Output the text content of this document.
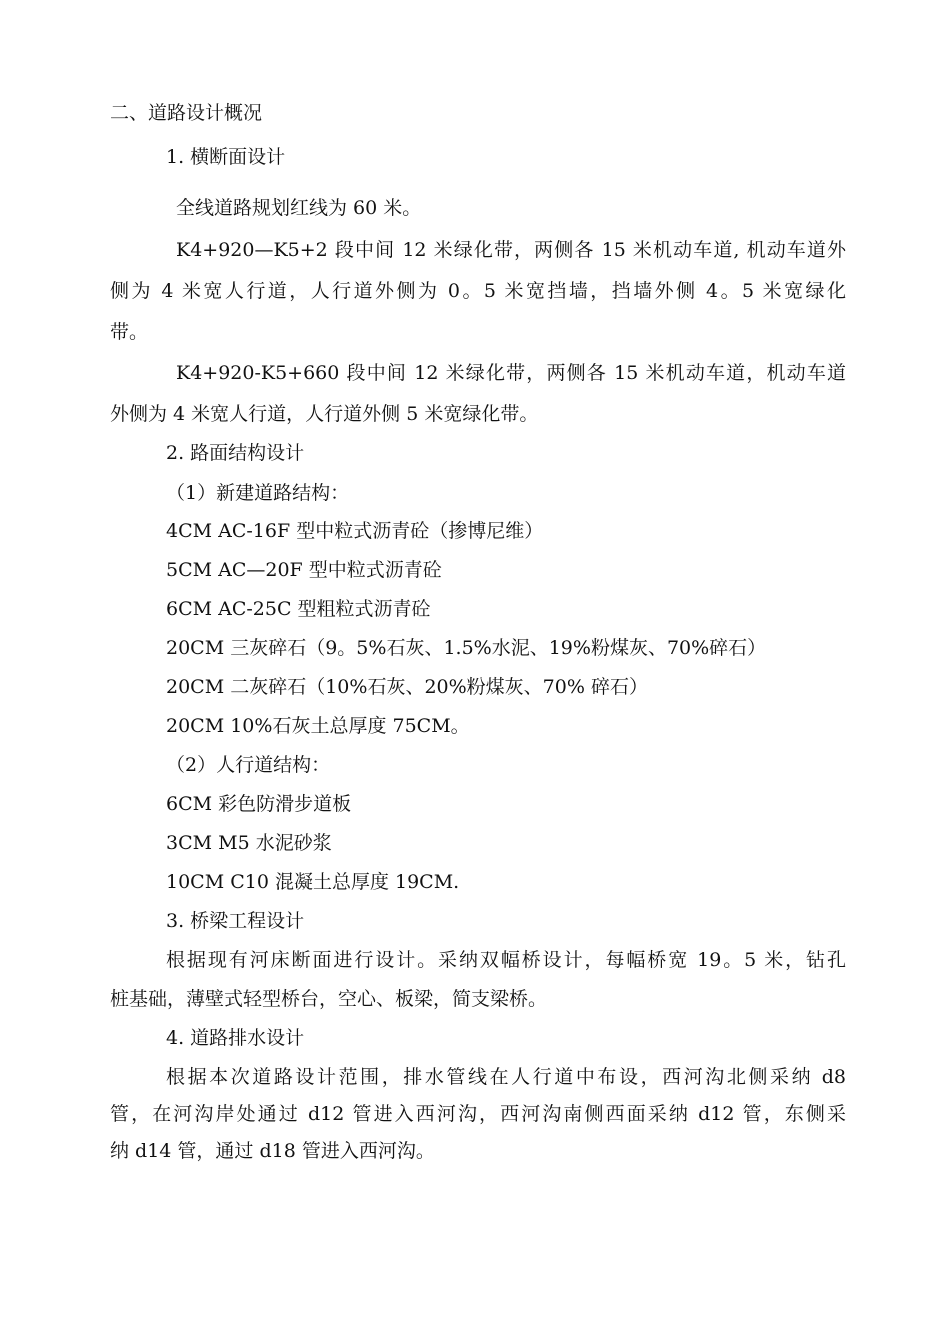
二、道路设计概况
1. 横断面设计
全线道路规划红线为 60 米。
K4+920—K5+2 段中间 12 米绿化带，两侧各 15 米机动车道, 机动车道外
侧为 4 米宽人行道，人行道外侧为 0。5 米宽挡墙，挡墙外侧 4。5 米宽绿化
带。
K4+920-K5+660 段中间 12 米绿化带，两侧各 15 米机动车道，机动车道
外侧为 4 米宽人行道，人行道外侧 5 米宽绿化带。
2. 路面结构设计
（1）新建道路结构：
4CM AC-16F 型中粒式沥青砼（掺博尼维）
5CM AC—20F 型中粒式沥青砼
6CM AC-25C 型粗粒式沥青砼
20CM 三灰碎石（9。5%石灰、1.5%水泥、19%粉煤灰、70%碎石）
20CM 二灰碎石（10%石灰、20%粉煤灰、70% 碎石）
20CM 10%石灰土总厚度 75CM。
（2）人行道结构：
6CM 彩色防滑步道板
3CM M5 水泥砂浆
10CM C10 混凝土总厚度 19CM.
3. 桥梁工程设计
根据现有河床断面进行设计。采纳双幅桥设计，每幅桥宽 19。5 米，钻孔
桩基础，薄壁式轻型桥台，空心、板梁，简支梁桥。
4. 道路排水设计
根据本次道路设计范围，排水管线在人行道中布设，西河沟北侧采纳 d8
管，在河沟岸处通过 d12 管进入西河沟，西河沟南侧西面采纳 d12 管，东侧采
纳 d14 管，通过 d18 管进入西河沟。
